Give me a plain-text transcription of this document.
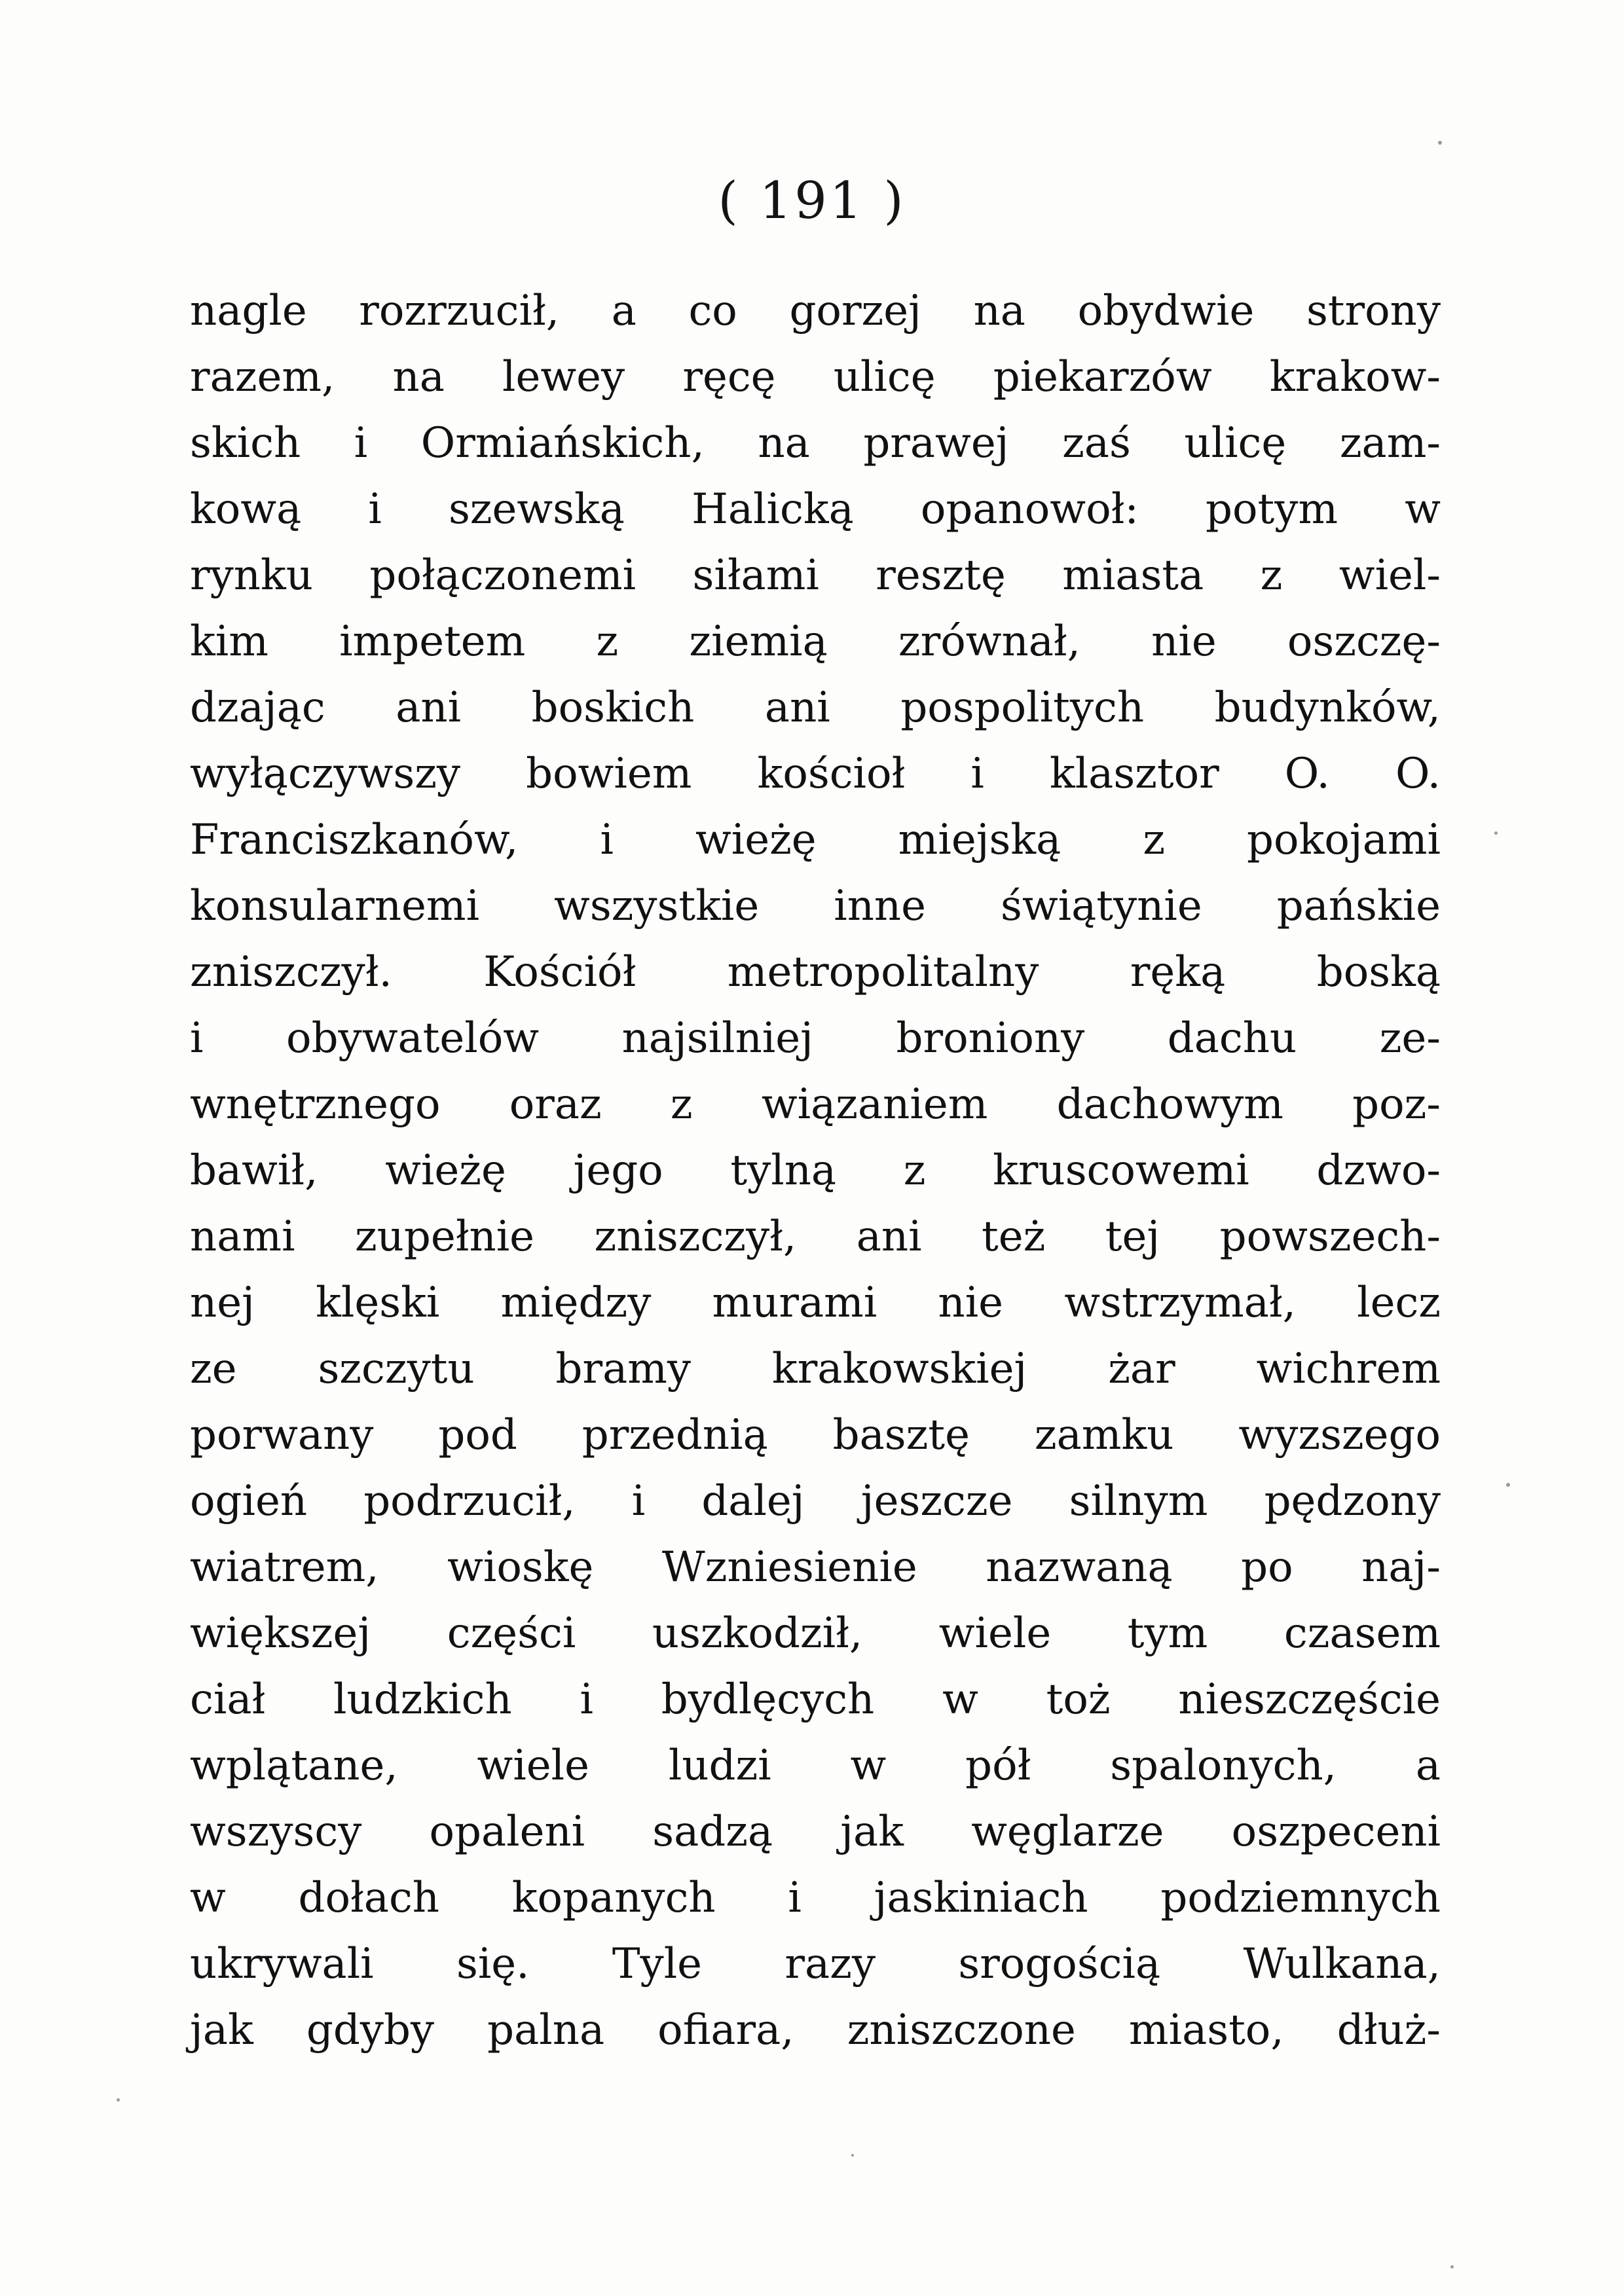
( 191 )
nagle rozrzucił, a co gorzej na obydwie strony
razem, na lewey ręcę ulicę piekarzów krakow-
skich i Ormiańskich, na prawej zaś ulicę zam-
kową i szewską Halicką opanowoł: potym w
rynku połączonemi siłami resztę miasta z wiel-
kim impetem z ziemią zrównał, nie oszczę-
dzając ani boskich ani pospolitych budynków,
wyłączywszy bowiem kościoł i klasztor O. O.
Franciszkanów, i wieżę miejską z pokojami
konsularnemi wszystkie inne świątynie pańskie
zniszczył. Kościół metropolitalny ręką boską
i obywatelów najsilniej broniony dachu ze-
wnętrznego oraz z wiązaniem dachowym poz-
bawił, wieżę jego tylną z kruscowemi dzwo-
nami zupełnie zniszczył, ani też tej powszech-
nej klęski między murami nie wstrzymał, lecz
ze szczytu bramy krakowskiej żar wichrem
porwany pod przednią basztę zamku wyzszego
ogień podrzucił, i dalej jeszcze silnym pędzony
wiatrem, wioskę Wzniesienie nazwaną po naj-
większej części uszkodził, wiele tym czasem
ciał ludzkich i bydlęcych w toż nieszczęście
wplątane, wiele ludzi w pół spalonych, a
wszyscy opaleni sadzą jak węglarze oszpeceni
w dołach kopanych i jaskiniach podziemnych
ukrywali się. Tyle razy srogością Wulkana,
jak gdyby palna ofiara, zniszczone miasto, dłuż-
